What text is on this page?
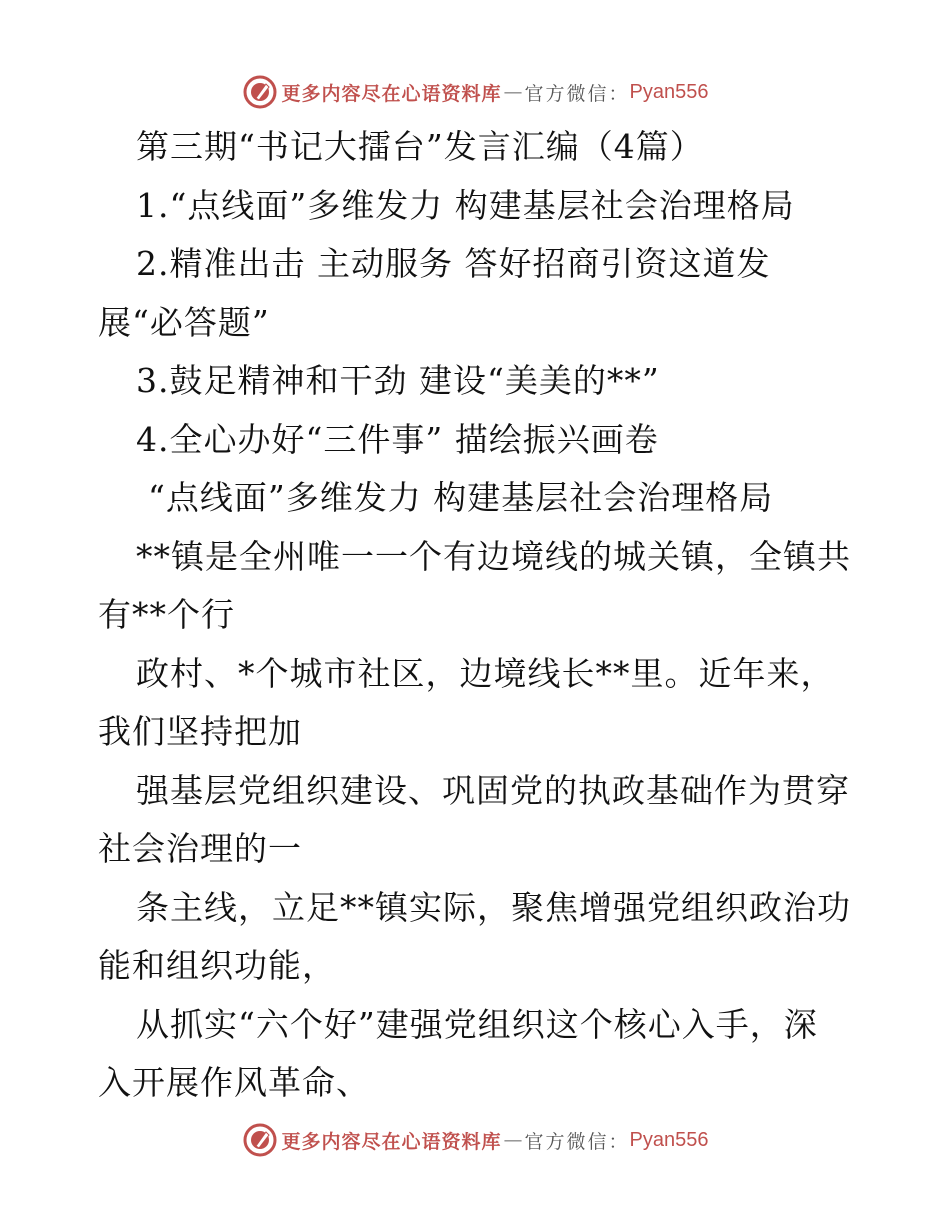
更多内容尽在心语资料库 — 官方微信： Pyan556
第三期“书记大擂台”发言汇编（4篇）
1.“点线面”多维发力 构建基层社会治理格局
2.精准出击 主动服务 答好招商引资这道发
展“必答题”
3.鼓足精神和干劲 建设“美美的**”
4.全心办好“三件事” 描绘振兴画卷
“点线面”多维发力 构建基层社会治理格局
**镇是全州唯一一个有边境线的城关镇，全镇共
有**个行
政村、*个城市社区，边境线长**里。近年来，
我们坚持把加
强基层党组织建设、巩固党的执政基础作为贯穿
社会治理的一
条主线，立足**镇实际，聚焦增强党组织政治功
能和组织功能，
从抓实“六个好”建强党组织这个核心入手，深
入开展作风革命、
更多内容尽在心语资料库 — 官方微信： Pyan556
